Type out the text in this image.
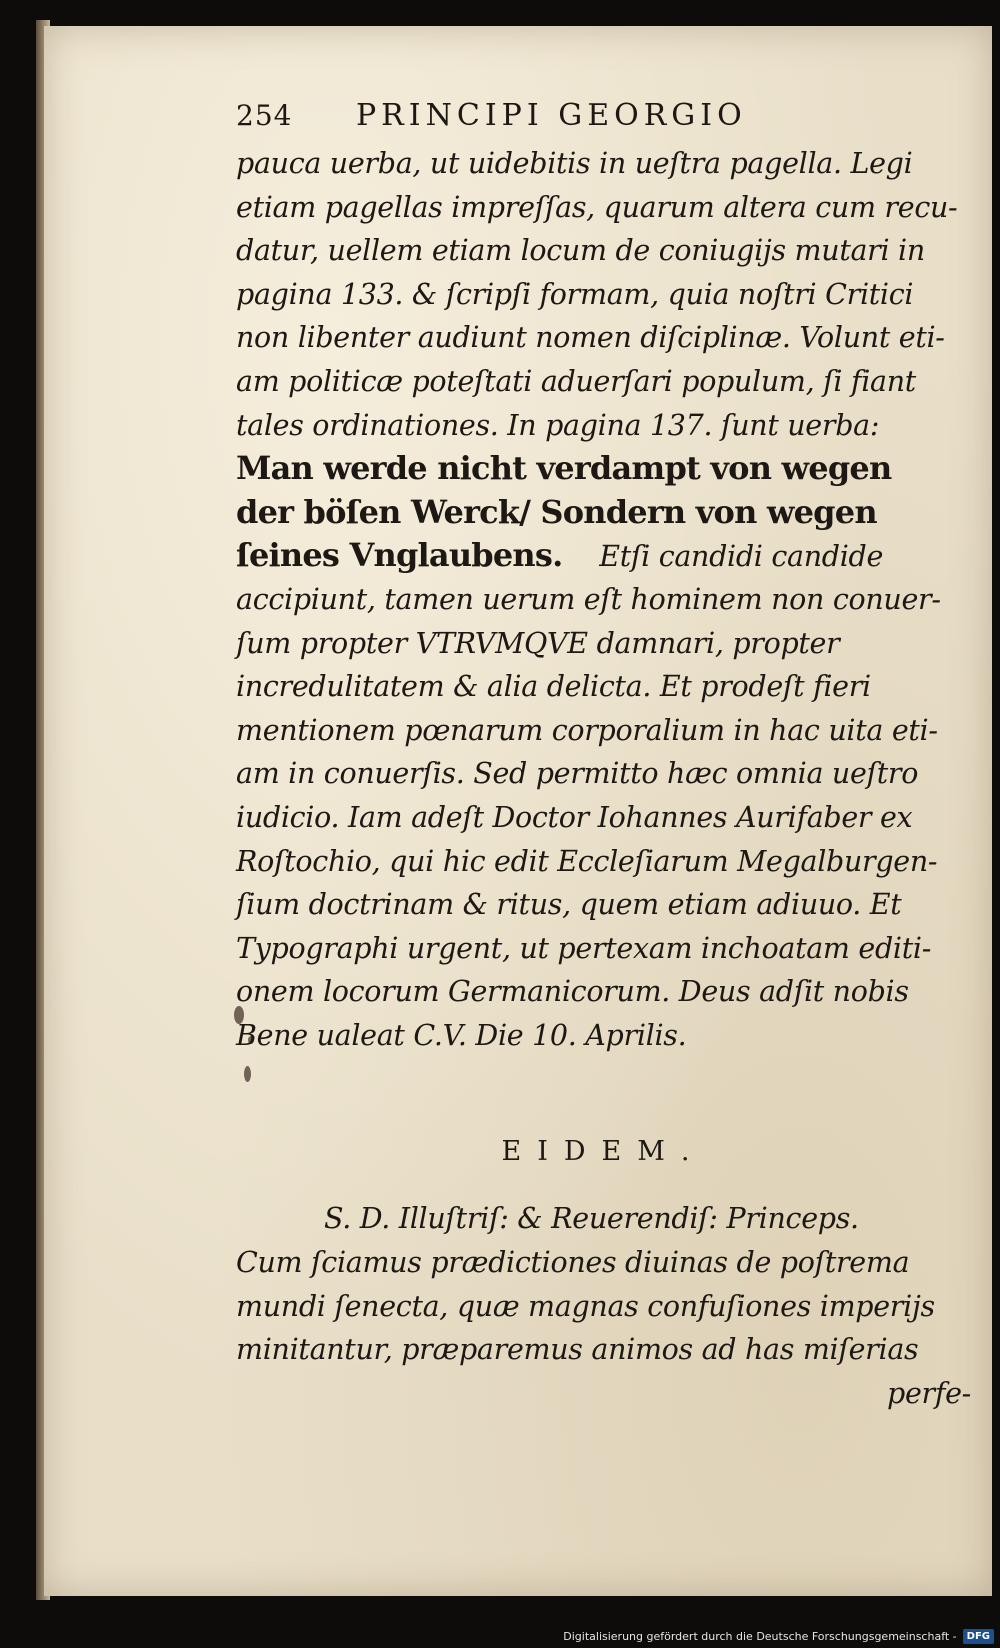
254	PRINCIPI GEORGIO
pauca uerba, ut uidebitis in ueſtra pagella. Legi
etiam pagellas impreſſas, quarum altera cum recu-
datur, uellem etiam locum de coniugijs mutari in
pagina 133. & ſcripſi formam, quia noſtri Critici
non libenter audiunt nomen diſciplinæ. Volunt eti-
am politicæ poteſtati aduerſari populum, ſi fiant
tales ordinationes. In pagina 137. ſunt uerba:
Man werde nicht verdampt von wegen
der böſen Werck/ Sondern von wegen
ſeines Vnglaubens. Etſi candidi candide
accipiunt, tamen uerum eſt hominem non conuer-
ſum propter VTRVMQVE damnari, propter
incredulitatem & alia delicta. Et prodeſt fieri
mentionem pœnarum corporalium in hac uita eti-
am in conuerſis. Sed permitto hæc omnia ueſtro
iudicio. Iam adeſt Doctor Iohannes Aurifaber ex
Roſtochio, qui hic edit Eccleſiarum Megalburgen-
ſium doctrinam & ritus, quem etiam adiuuo. Et
Typographi urgent, ut pertexam inchoatam editi-
onem locorum Germanicorum. Deus adſit nobis
Bene ualeat C.V. Die 10. Aprilis.
EIDEM.
S. D. Illuſtriſ: & Reuerendiſ: Princeps.
Cum ſciamus prædictiones diuinas de poſtrema
mundi ſenecta, quæ magnas confuſiones imperijs
minitantur, præparemus animos ad has miſerias
perfe-
Digitalisierung gefördert durch die Deutsche Forschungsgemeinschaft -	DFG
